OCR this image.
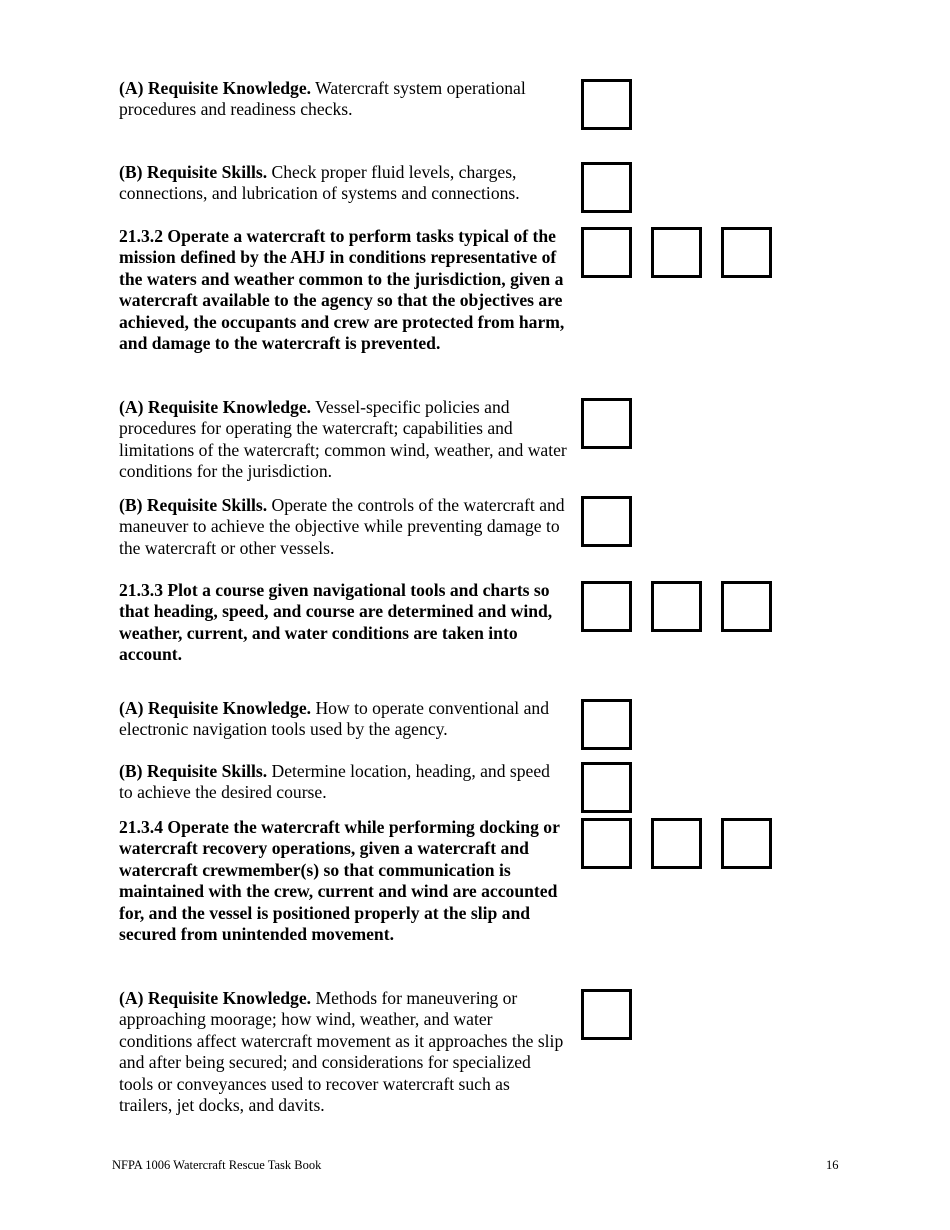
(A) Requisite Knowledge. Watercraft system operational procedures and readiness checks.
(B) Requisite Skills. Check proper fluid levels, charges, connections, and lubrication of systems and connections.
21.3.2 Operate a watercraft to perform tasks typical of the mission defined by the AHJ in conditions representative of the waters and weather common to the jurisdiction, given a watercraft available to the agency so that the objectives are achieved, the occupants and crew are protected from harm, and damage to the watercraft is prevented.
(A) Requisite Knowledge. Vessel-specific policies and procedures for operating the watercraft; capabilities and limitations of the watercraft; common wind, weather, and water conditions for the jurisdiction.
(B) Requisite Skills. Operate the controls of the watercraft and maneuver to achieve the objective while preventing damage to the watercraft or other vessels.
21.3.3 Plot a course given navigational tools and charts so that heading, speed, and course are determined and wind, weather, current, and water conditions are taken into account.
(A) Requisite Knowledge. How to operate conventional and electronic navigation tools used by the agency.
(B) Requisite Skills. Determine location, heading, and speed to achieve the desired course.
21.3.4 Operate the watercraft while performing docking or watercraft recovery operations, given a watercraft and watercraft crewmember(s) so that communication is maintained with the crew, current and wind are accounted for, and the vessel is positioned properly at the slip and secured from unintended movement.
(A) Requisite Knowledge. Methods for maneuvering or approaching moorage; how wind, weather, and water conditions affect watercraft movement as it approaches the slip and after being secured; and considerations for specialized tools or conveyances used to recover watercraft such as trailers, jet docks, and davits.
NFPA 1006 Watercraft Rescue Task Book	16
